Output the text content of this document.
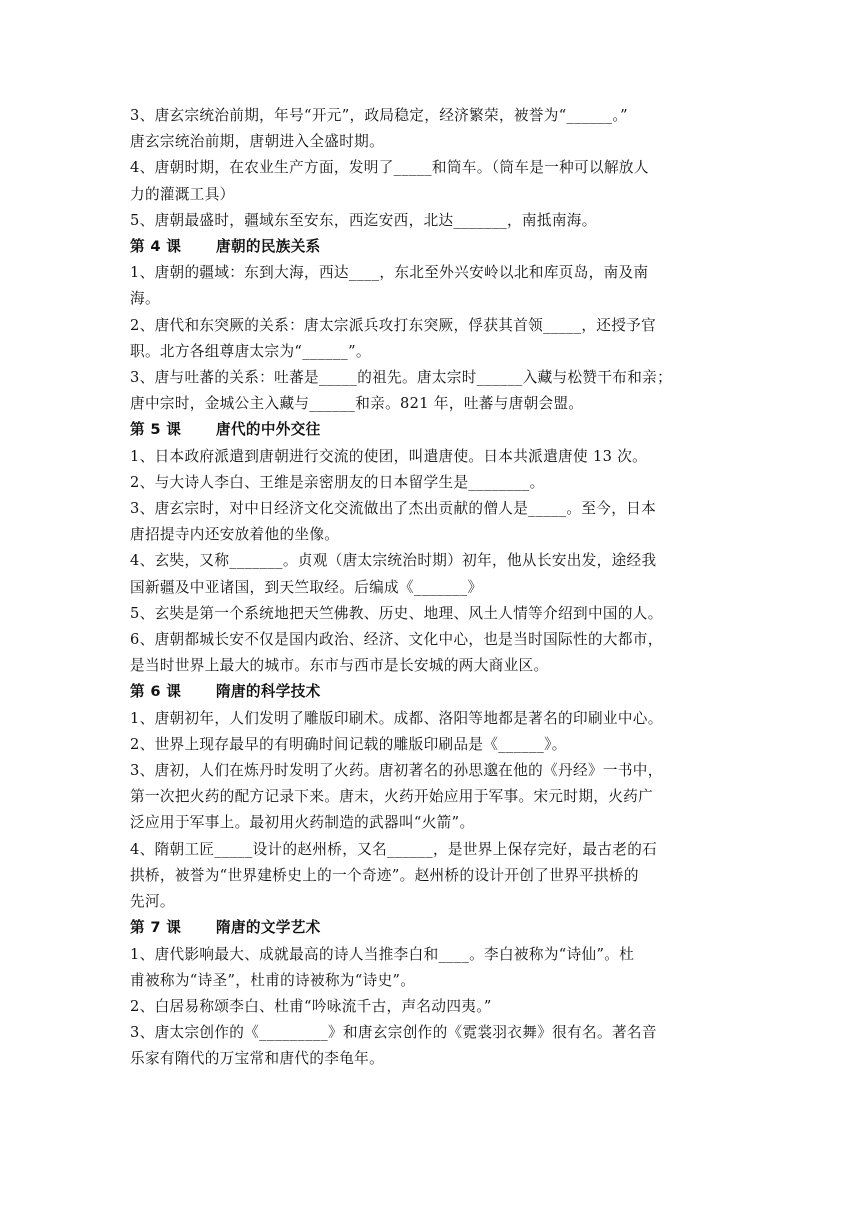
3、唐玄宗统治前期，年号“开元”，政局稳定，经济繁荣，被誉为“______。”
唐玄宗统治前期，唐朝进入全盛时期。
4、唐朝时期，在农业生产方面，发明了_____和筒车。（筒车是一种可以解放人
力的灌溉工具）
5、唐朝最盛时，疆域东至安东，西迄安西，北达_______，南抵南海。
第 4 课 唐朝的民族关系
1、唐朝的疆域：东到大海，西达____，东北至外兴安岭以北和库页岛，南及南
海。
2、唐代和东突厥的关系：唐太宗派兵攻打东突厥，俘获其首领_____，还授予官
职。北方各组尊唐太宗为“______”。
3、唐与吐蕃的关系：吐蕃是_____的祖先。唐太宗时______入藏与松赞干布和亲；
唐中宗时，金城公主入藏与______和亲。821 年，吐蕃与唐朝会盟。
第 5 课 唐代的中外交往
1、日本政府派遣到唐朝进行交流的使团，叫遣唐使。日本共派遣唐使 13 次。
2、与大诗人李白、王维是亲密朋友的日本留学生是________。
3、唐玄宗时，对中日经济文化交流做出了杰出贡献的僧人是_____。至今，日本
唐招提寺内还安放着他的坐像。
4、玄奘，又称_______。贞观（唐太宗统治时期）初年，他从长安出发，途经我
国新疆及中亚诸国，到天竺取经。后编成《_______》
5、玄奘是第一个系统地把天竺佛教、历史、地理、风土人情等介绍到中国的人。
6、唐朝都城长安不仅是国内政治、经济、文化中心，也是当时国际性的大都市，
是当时世界上最大的城市。东市与西市是长安城的两大商业区。
第 6 课 隋唐的科学技术
1、唐朝初年，人们发明了雕版印刷术。成都、洛阳等地都是著名的印刷业中心。
2、世界上现存最早的有明确时间记载的雕版印刷品是《______》。
3、唐初，人们在炼丹时发明了火药。唐初著名的孙思邈在他的《丹经》一书中，
第一次把火药的配方记录下来。唐末，火药开始应用于军事。宋元时期，火药广
泛应用于军事上。最初用火药制造的武器叫“火箭”。
4、隋朝工匠_____设计的赵州桥，又名______，是世界上保存完好，最古老的石
拱桥，被誉为“世界建桥史上的一个奇迹”。赵州桥的设计开创了世界平拱桥的
先河。
第 7 课 隋唐的文学艺术
1、唐代影响最大、成就最高的诗人当推李白和____。李白被称为“诗仙”。杜
甫被称为“诗圣”，杜甫的诗被称为“诗史”。
2、白居易称颂李白、杜甫“吟咏流千古，声名动四夷。”
3、唐太宗创作的《_________》和唐玄宗创作的《霓裳羽衣舞》很有名。著名音
乐家有隋代的万宝常和唐代的李龟年。
